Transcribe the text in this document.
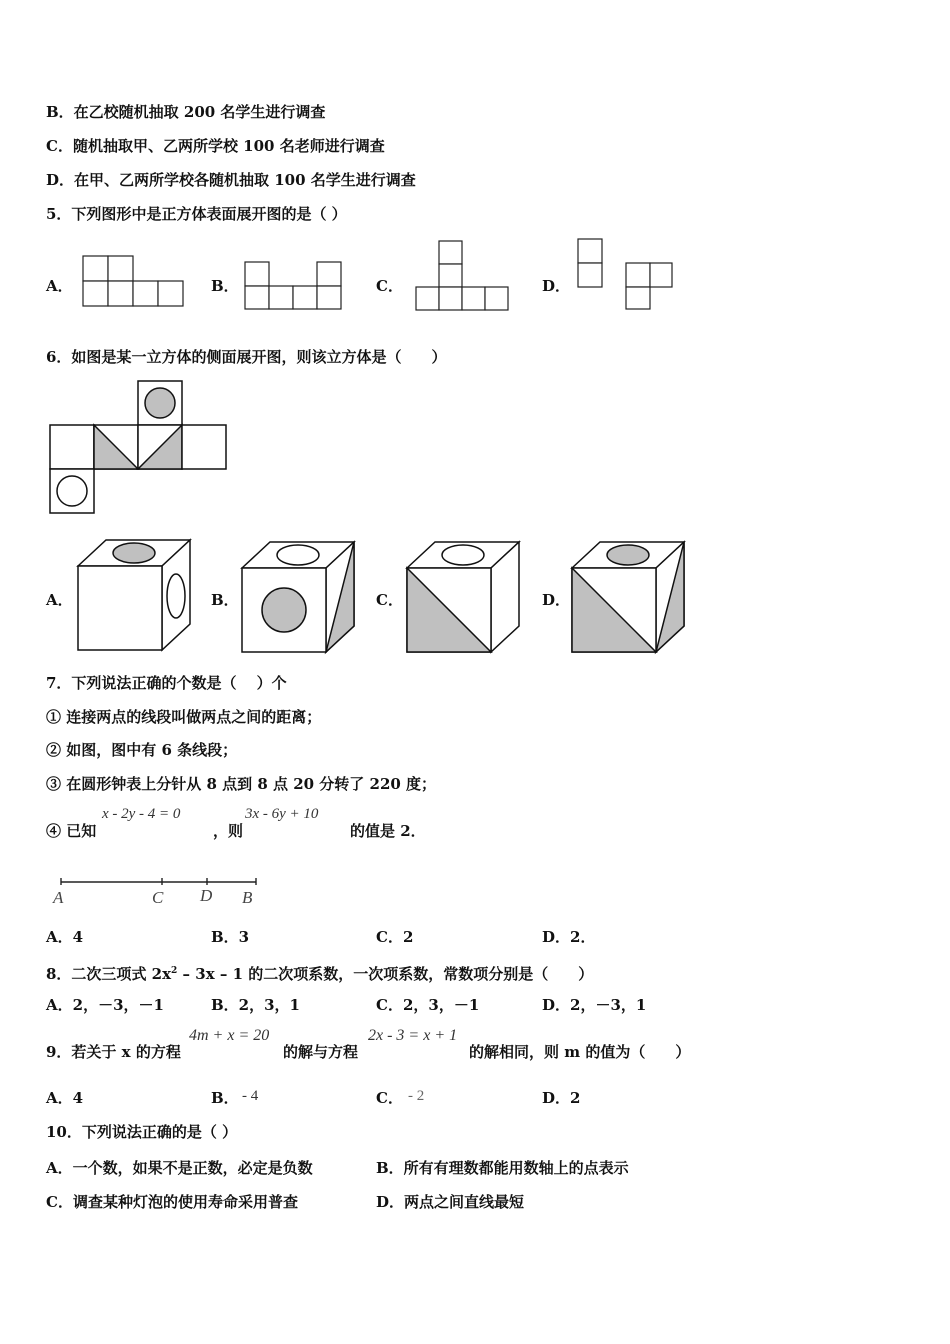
B．在乙校随机抽取 200 名学生进行调查
C．随机抽取甲、乙两所学校 100 名老师进行调查
D．在甲、乙两所学校各随机抽取 100 名学生进行调查
5．下列图形中是正方体表面展开图的是（ ）
A．	B．	C．	D．
6．如图是某一立方体的侧面展开图，则该立方体是（　　）
A．	B．	C．	D．
7．下列说法正确的个数是（　 ）个
① 连接两点的线段叫做两点之间的距离；
② 如图，图中有 6 条线段；
③ 在圆形钟表上分针从 8 点到 8 点 20 分转了 220 度；
④ 已知
x - 2y - 4 = 0
，则
3x - 6y + 10
的值是 2．
A	C D B
A．4	B．3	C．2	D．2．
8．二次三项式 $2x^2 - 3x - 1$ 的二次项系数，一次项系数，常数项分别是（　　）
A．2，－3，－1	B．2，3，1	C．2，3，－1	D．2，－3，1
9．若关于 x 的方程
4m + x = 20
的解与方程
2x - 3 = x + 1
的解相同，则 m 的值为（　　）
A．4	B． - 4	C． - 2	D．2
10．下列说法正确的是（ ）
A．一个数，如果不是正数，必定是负数	B．所有有理数都能用数轴上的点表示
C．调查某种灯泡的使用寿命采用普查	D．两点之间直线最短
